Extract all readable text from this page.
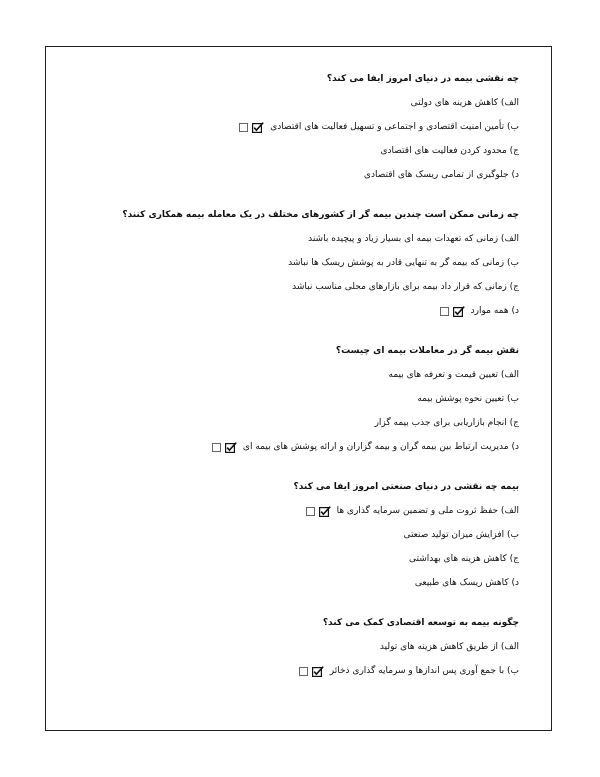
چه نقشی بیمه در دنیای امروز ایفا می کند؟
الف) کاهش هزینه های دولتی
ب) تأمین امنیت اقتصادی و اجتماعی و تسهیل فعالیت های اقتصادی
ج) محدود کردن فعالیت های اقتصادی
د) جلوگیری از تمامی ریسک های اقتصادی
چه زمانی ممکن است چندین بیمه گر از کشورهای مختلف در یک معامله بیمه همکاری کنند؟
الف) زمانی که تعهدات بیمه ای بسیار زیاد و پیچیده باشند
ب) زمانی که بیمه گر به تنهایی قادر به پوشش ریسک ها نباشد
ج) زمانی که قرار داد بیمه برای بازارهای محلی مناسب نباشد
د) همه موارد
نقش بیمه گر در معاملات بیمه ای چیست؟
الف) تعیین قیمت و تعرفه های بیمه
ب) تعیین نحوه پوشش بیمه
ج) انجام بازاریابی برای جذب بیمه گزار
د) مدیریت ارتباط بین بیمه گران و بیمه گزاران و ارائه پوشش های بیمه ای
بیمه چه نقشی در دنیای صنعتی امروز ایفا می کند؟
الف) حفظ ثروت ملی و تضمین سرمایه گذاری ها
ب) افزایش میزان تولید صنعتی
ج) کاهش هزینه های بهداشتی
د) کاهش ریسک های طبیعی
چگونه بیمه به توسعه اقتصادی کمک می کند؟
الف) از طریق کاهش هزینه های تولید
ب) با جمع آوری پس اندازها و سرمایه گذاری ذخائر
